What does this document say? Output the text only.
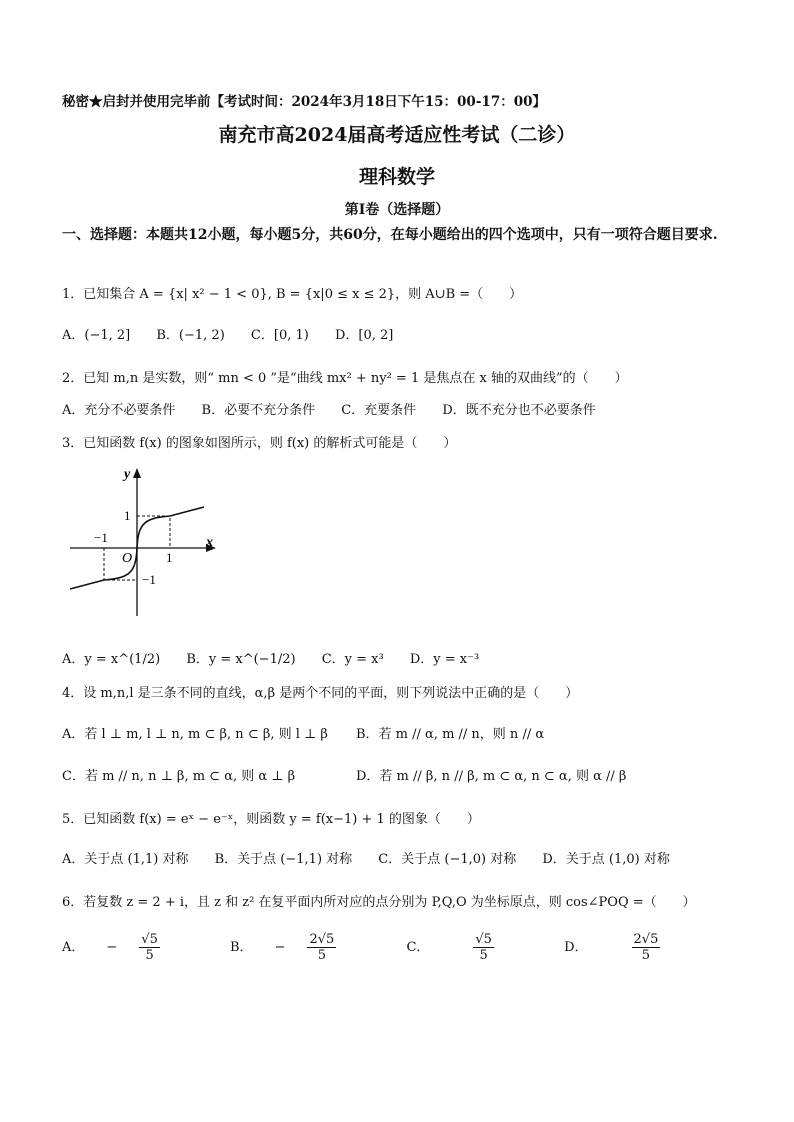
秘密★启封并使用完毕前【考试时间：2024年3月18日下午15：00-17：00】
南充市高2024届高考适应性考试（二诊）
理科数学
第Ⅰ卷（选择题）
一、选择题：本题共12小题，每小题5分，共60分，在每小题给出的四个选项中，只有一项符合题目要求.
1．已知集合 A = {x| x² − 1 < 0}, B = {x|0 ≤ x ≤ 2}，则 A∪B =（　　）
A．(−1, 2] B．(−1, 2) C．[0, 1) D．[0, 2]
2．已知 m,n 是实数，则“ mn < 0 ”是“曲线 mx² + ny² = 1 是焦点在 x 轴的双曲线”的（　　）
A．充分不必要条件 B．必要不充分条件 C．充要条件 D．既不充分也不必要条件
3．已知函数 f(x) 的图象如图所示，则 f(x) 的解析式可能是（　　）
y
x
O
1
1
−1
−1
A．y = x^(1/2) B．y = x^(−1/2) C．y = x³ D．y = x⁻³
4．设 m,n,l 是三条不同的直线，α,β 是两个不同的平面，则下列说法中正确的是（　　）
A．若 l ⊥ m, l ⊥ n, m ⊂ β, n ⊂ β, 则 l ⊥ β B．若 m // α, m // n，则 n // α
C．若 m // n, n ⊥ β, m ⊂ α, 则 α ⊥ β	D．若 m // β, n // β, m ⊂ α, n ⊂ α, 则 α // β
5．已知函数 f(x) = eˣ − e⁻ˣ，则函数 y = f(x−1) + 1 的图象（　　）
A．关于点 (1,1) 对称 B．关于点 (−1,1) 对称 C．关于点 (−1,0) 对称 D．关于点 (1,0) 对称
6．若复数 z = 2 + i，且 z 和 z² 在复平面内所对应的点分别为 P,Q,O 为坐标原点，则 cos∠POQ =（　　）
A． − $\frac{√5}{5}$	B． − $\frac{2√5}{5}$	C．	$\frac{√5}{5}$	D．	$\frac{2√5}{5}$
